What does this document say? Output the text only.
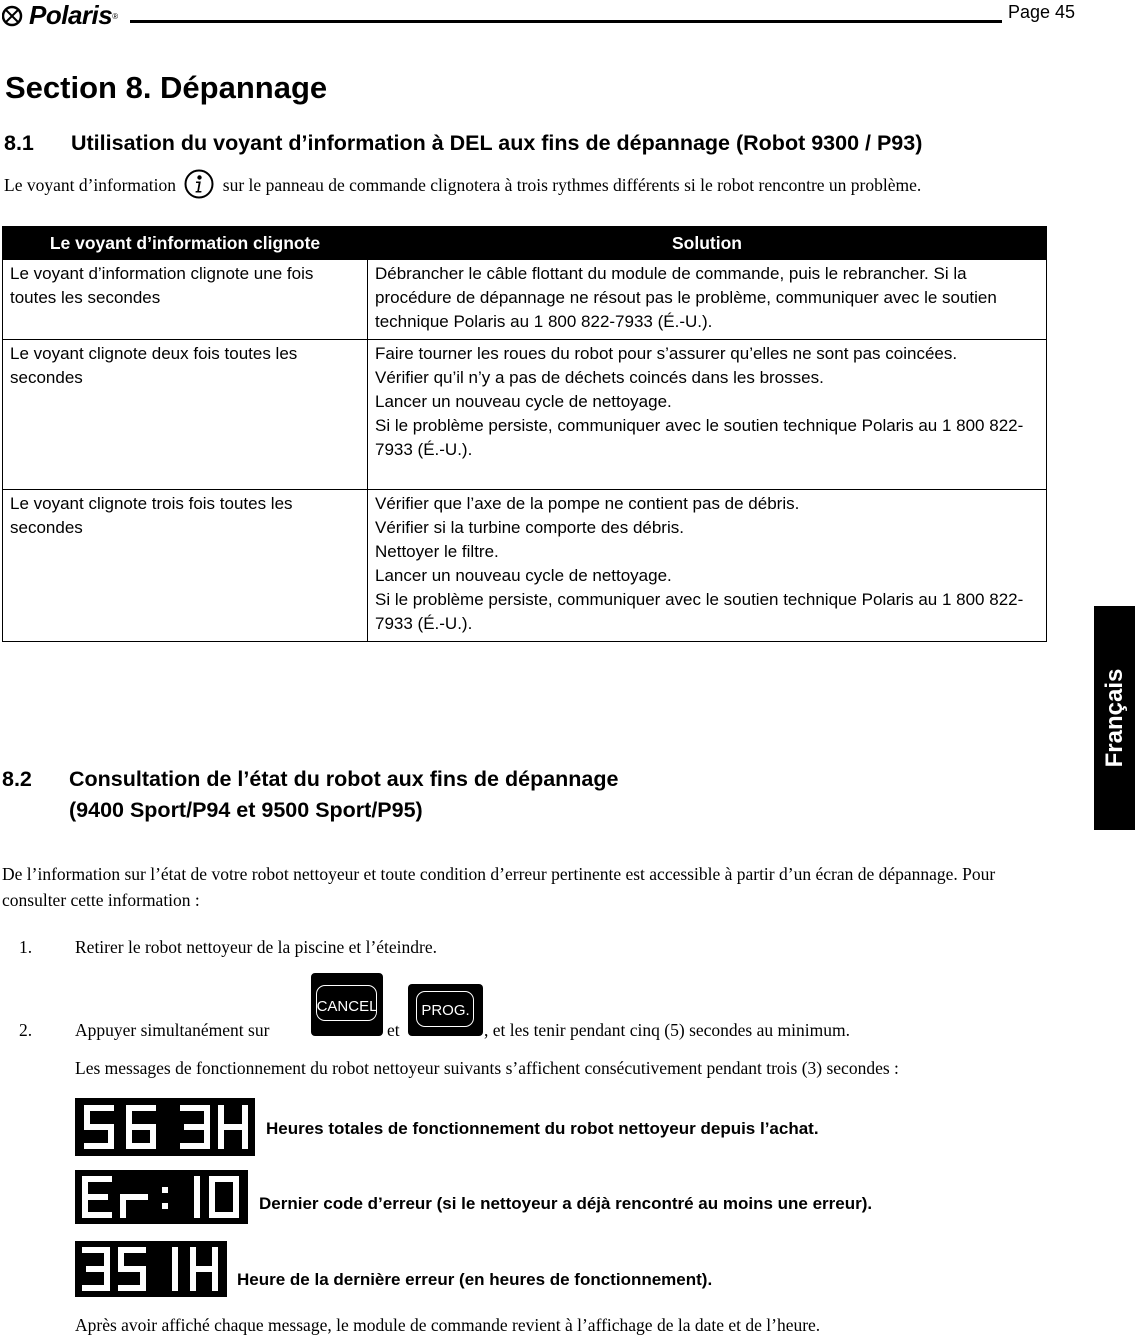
Polaris ®	Page 45
Section 8. Dépannage
8.1 Utilisation du voyant d’information à DEL aux fins de dépannage (Robot 9300 / P93)
Le voyant d’information	sur le panneau de commande clignotera à trois rythmes différents si le robot rencontre un problème.
Le voyant d’information clignote	Solution
Le voyant d’information clignote une fois toutes les secondes	Débrancher le câble flottant du module de commande, puis le rebrancher. Si la procédure de dépannage ne résout pas le problème, communiquer avec le soutien technique Polaris au 1 800 822-7933 (É.-U.).
Le voyant clignote deux fois toutes les secondes	Faire tourner les roues du robot pour s’assurer qu’elles ne sont pas coincées.
Vérifier qu’il n’y a pas de déchets coincés dans les brosses.
Lancer un nouveau cycle de nettoyage.
Si le problème persiste, communiquer avec le soutien technique Polaris au 1 800 822-7933 (É.-U.).

Le voyant clignote trois fois toutes les secondes	Vérifier que l’axe de la pompe ne contient pas de débris.
Vérifier si la turbine comporte des débris.
Nettoyer le filtre.
Lancer un nouveau cycle de nettoyage.
Si le problème persiste, communiquer avec le soutien technique Polaris au 1 800 822-7933 (É.-U.).
Français
8.2 Consultation de l’état du robot aux fins de dépannage
(9400 Sport/P94 et 9500 Sport/P95)
De l’information sur l’état de votre robot nettoyeur et toute condition d’erreur pertinente est accessible à partir d’un écran de dépannage. Pour consulter cette information :
1. Retirer le robot nettoyeur de la piscine et l’éteindre.
2. Appuyer simultanément sur
CANCEL
et
PROG.
, et les tenir pendant cinq (5) secondes au minimum.
Les messages de fonctionnement du robot nettoyeur suivants s’affichent consécutivement pendant trois (3) secondes :
Heures totales de fonctionnement du robot nettoyeur depuis l’achat.
Dernier code d’erreur (si le nettoyeur a déjà rencontré au moins une erreur).
Heure de la dernière erreur (en heures de fonctionnement).
Après avoir affiché chaque message, le module de commande revient à l’affichage de la date et de l’heure.
